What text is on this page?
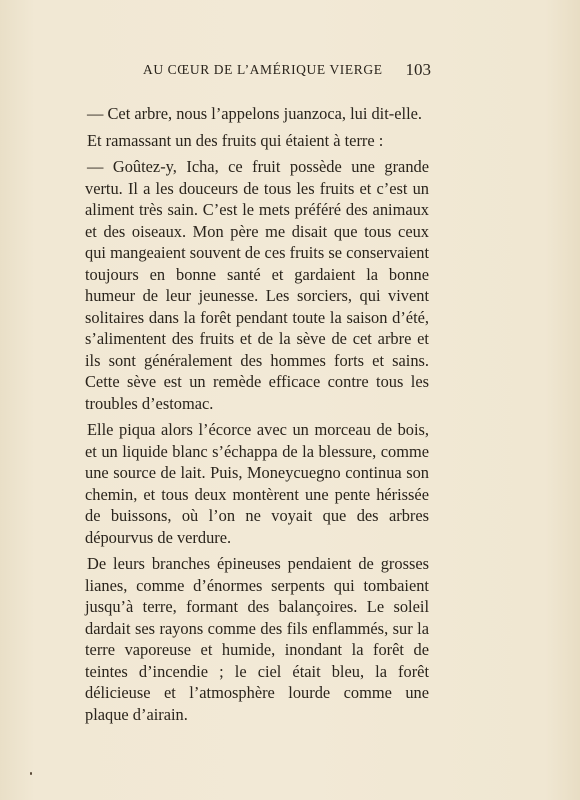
AU CŒUR DE L’AMÉRIQUE VIERGE 103

— Cet arbre, nous l’appelons juanzoca, lui dit-elle.

Et ramassant un des fruits qui étaient à terre :

— Goûtez-y, Icha, ce fruit possède une grande vertu. Il a les douceurs de tous les fruits et c’est un aliment très sain. C’est le mets préféré des animaux et des oiseaux. Mon père me disait que tous ceux qui mangeaient souvent de ces fruits se conservaient toujours en bonne santé et gardaient la bonne humeur de leur jeunesse. Les sorciers, qui vivent solitaires dans la forêt pendant toute la saison d’été, s’alimentent des fruits et de la sève de cet arbre et ils sont généralement des hommes forts et sains. Cette sève est un remède efficace contre tous les troubles d’estomac.

Elle piqua alors l’écorce avec un morceau de bois, et un liquide blanc s’échappa de la blessure, comme une source de lait. Puis, Moneycuegno continua son chemin, et tous deux montèrent une pente hérissée de buissons, où l’on ne voyait que des arbres dépourvus de verdure.

De leurs branches épineuses pendaient de grosses lianes, comme d’énormes serpents qui tombaient jusqu’à terre, formant des balançoires. Le soleil dardait ses rayons comme des fils enflammés, sur la terre vaporeuse et humide, inondant la forêt de teintes d’incendie ; le ciel était bleu, la forêt délicieuse et l’atmosphère lourde comme une plaque d’airain.
